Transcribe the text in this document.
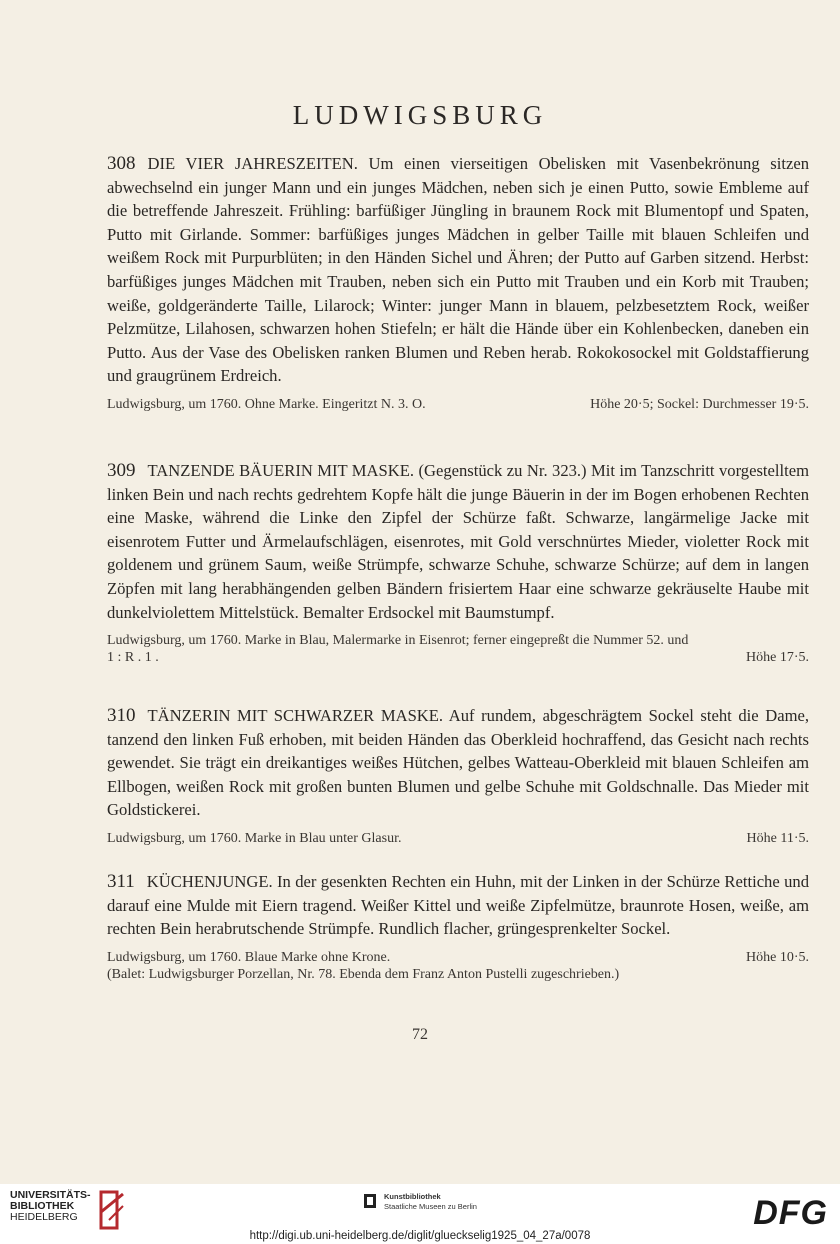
LUDWIGSBURG
308 DIE VIER JAHRESZEITEN. Um einen vierseitigen Obelisken mit Vasenbekrönung sitzen abwechselnd ein junger Mann und ein junges Mädchen, neben sich je einen Putto, sowie Embleme auf die betreffende Jahreszeit. Frühling: barfüßiger Jüngling in braunem Rock mit Blumentopf und Spaten, Putto mit Girlande. Sommer: barfüßiges junges Mädchen in gelber Taille mit blauen Schleifen und weißem Rock mit Purpurblüten; in den Händen Sichel und Ähren; der Putto auf Garben sitzend. Herbst: barfüßiges junges Mädchen mit Trauben, neben sich ein Putto mit Trauben und ein Korb mit Trauben; weiße, goldgeränderte Taille, Lilarock; Winter: junger Mann in blauem, pelzbesetztem Rock, weißer Pelzmütze, Lilahosen, schwarzen hohen Stiefeln; er hält die Hände über ein Kohlenbecken, daneben ein Putto. Aus der Vase des Obelisken ranken Blumen und Reben herab. Rokokosockel mit Goldstaffierung und graugrünem Erdreich.
Ludwigsburg, um 1760. Ohne Marke. Eingeritzt N. 3. O.	Höhe 20·5; Sockel: Durchmesser 19·5.
309 TANZENDE BÄUERIN MIT MASKE. (Gegenstück zu Nr. 323.) Mit im Tanzschritt vorgestelltem linken Bein und nach rechts gedrehtem Kopfe hält die junge Bäuerin in der im Bogen erhobenen Rechten eine Maske, während die Linke den Zipfel der Schürze faßt. Schwarze, langärmelige Jacke mit eisenrotem Futter und Ärmelaufschlägen, eisenrotes, mit Gold verschnürtes Mieder, violetter Rock mit goldenem und grünem Saum, weiße Strümpfe, schwarze Schuhe, schwarze Schürze; auf dem in langen Zöpfen mit lang herabhängenden gelben Bändern frisiertem Haar eine schwarze gekräuselte Haube mit dunkelviolettem Mittelstück. Bemalter Erdsockel mit Baumstumpf.
Ludwigsburg, um 1760. Marke in Blau, Malermarke in Eisenrot; ferner eingepreßt die Nummer 52. und
1 : R . 1 .	Höhe 17·5.
310 TÄNZERIN MIT SCHWARZER MASKE. Auf rundem, abgeschrägtem Sockel steht die Dame, tanzend den linken Fuß erhoben, mit beiden Händen das Oberkleid hochraffend, das Gesicht nach rechts gewendet. Sie trägt ein dreikantiges weißes Hütchen, gelbes Watteau-Oberkleid mit blauen Schleifen am Ellbogen, weißen Rock mit großen bunten Blumen und gelbe Schuhe mit Goldschnalle. Das Mieder mit Goldstickerei.
Ludwigsburg, um 1760. Marke in Blau unter Glasur.	Höhe 11·5.
311 KÜCHENJUNGE. In der gesenkten Rechten ein Huhn, mit der Linken in der Schürze Rettiche und darauf eine Mulde mit Eiern tragend. Weißer Kittel und weiße Zipfelmütze, braunrote Hosen, weiße, am rechten Bein herabrutschende Strümpfe. Rundlich flacher, grüngesprenkelter Sockel.
Ludwigsburg, um 1760. Blaue Marke ohne Krone.	Höhe 10·5.
(Balet: Ludwigsburger Porzellan, Nr. 78. Ebenda dem Franz Anton Pustelli zugeschrieben.)
72
UNIVERSITÄTS-
BIBLIOTHEK
HEIDELBERG
Kunstbibliothek
Staatliche Museen zu Berlin	DFG
http://digi.ub.uni-heidelberg.de/diglit/glueckselig1925_04_27a/0078
